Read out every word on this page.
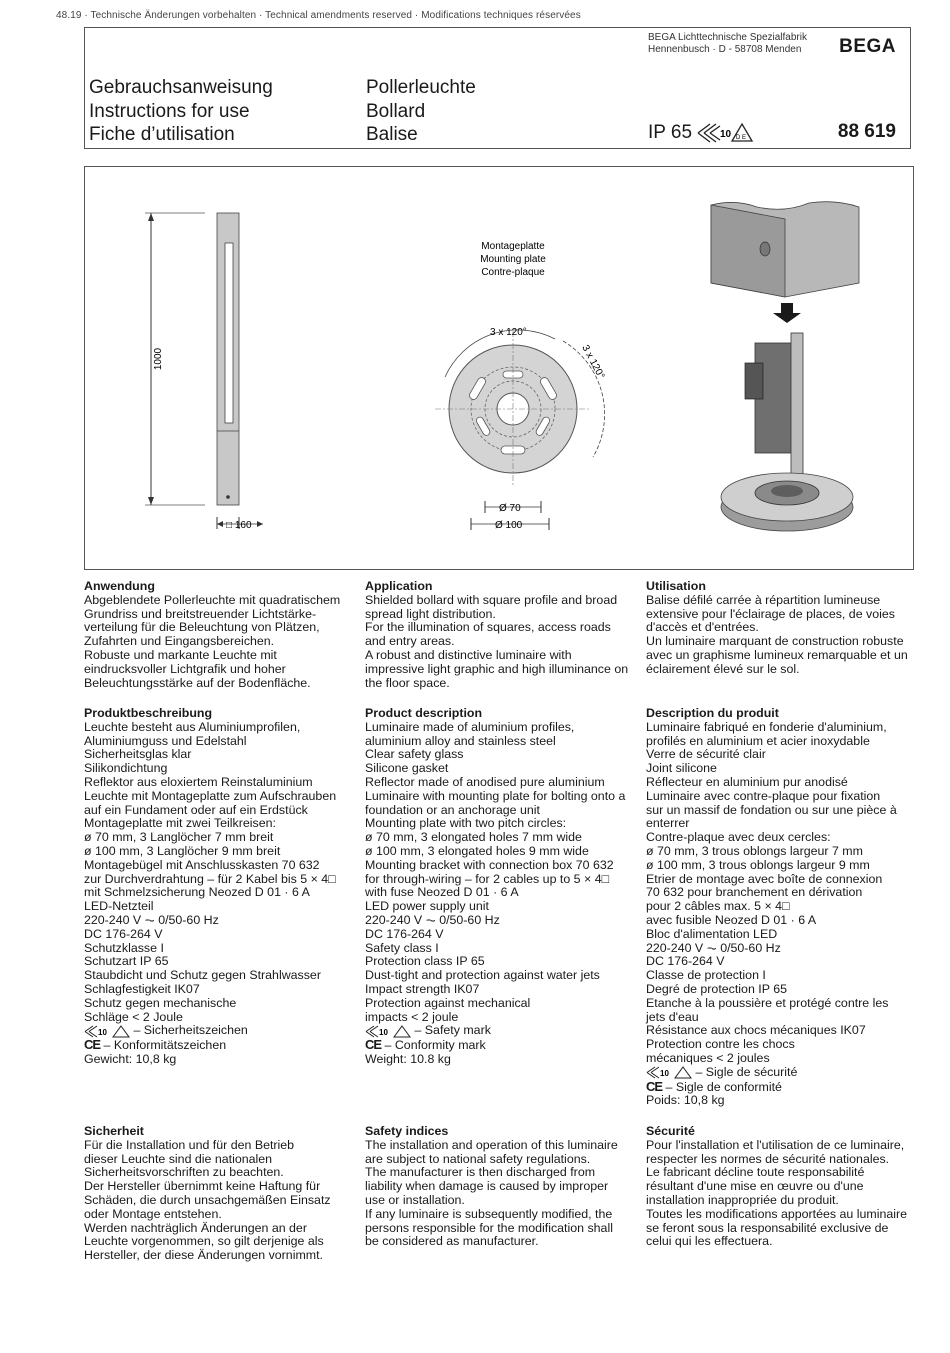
48.19 · Technische Änderungen vorbehalten · Technical amendments reserved · Modifications techniques réservées
BEGA Lichttechnische Spezialfabrik
Hennenbusch · D - 58708 Menden BEGA
Gebrauchsanweisung
Instructions for use
Fiche d’utilisation
Pollerleuchte
Bollard
Balise	IP 65	10 D E	88 619
1000
□ 160
Montageplatte
Mounting plate
Contre-plaque
3 x 120°
3 x 120°
Ø 70
Ø 100
Anwendung

Abgeblendete Pollerleuchte mit quadratischem
Grundriss und breitstreuender Lichtstärke-
verteilung für die Beleuchtung von Plätzen,
Zufahrten und Eingangsbereichen.
Robuste und markante Leuchte mit
eindrucksvoller Lichtgrafik und hoher
Beleuchtungsstärke auf der Bodenfläche.

Produktbeschreibung

Leuchte besteht aus Aluminiumprofilen,
Aluminiumguss und Edelstahl
Sicherheitsglas klar
Silikondichtung
Reflektor aus eloxiertem Reinstaluminium
Leuchte mit Montageplatte zum Aufschrauben
auf ein Fundament oder auf ein Erdstück
Montageplatte mit zwei Teilkreisen:
ø 70 mm, 3 Langlöcher 7 mm breit
ø 100 mm, 3 Langlöcher 9 mm breit
Montagebügel mit Anschlusskasten 70 632
zur Durchverdrahtung – für 2 Kabel bis 5 × 4□
mit Schmelzsicherung Neozed D 01 · 6 A
LED-Netzteil
220-240 V ⏦ 0/50-60 Hz
DC 176-264 V
Schutzklasse I
Schutzart IP 65
Staubdicht und Schutz gegen Strahlwasser
Schlagfestigkeit IK07
Schutz gegen mechanische
Schläge < 2 Joule

10 – Sicherheitszeichen
CE – Konformitätszeichen

Gewicht: 10,8 kg

Sicherheit

Für die Installation und für den Betrieb
dieser Leuchte sind die nationalen
Sicherheitsvorschriften zu beachten.
Der Hersteller übernimmt keine Haftung für
Schäden, die durch unsachgemäßen Einsatz
oder Montage entstehen.
Werden nachträglich Änderungen an der
Leuchte vorgenommen, so gilt derjenige als
Hersteller, der diese Änderungen vornimmt.

Application

Shielded bollard with square profile and broad
spread light distribution.
For the illumination of squares, access roads
and entry areas.
A robust and distinctive luminaire with
impressive light graphic and high illuminance on
the floor space.

Product description

Luminaire made of aluminium profiles,
aluminium alloy and stainless steel
Clear safety glass
Silicone gasket
Reflector made of anodised pure aluminium
Luminaire with mounting plate for bolting onto a
foundation or an anchorage unit
Mounting plate with two pitch circles:
ø 70 mm, 3 elongated holes 7 mm wide
ø 100 mm, 3 elongated holes 9 mm wide
Mounting bracket with connection box 70 632
for through-wiring – for 2 cables up to 5 × 4□
with fuse Neozed D 01 · 6 A
LED power supply unit
220-240 V ⏦ 0/50-60 Hz
DC 176-264 V
Safety class I
Protection class IP 65
Dust-tight and protection against water jets
Impact strength IK07
Protection against mechanical
impacts < 2 joule

10 – Safety mark
CE – Conformity mark

Weight: 10.8 kg

Safety indices

The installation and operation of this luminaire
are subject to national safety regulations.
The manufacturer is then discharged from
liability when damage is caused by improper
use or installation.
If any luminaire is subsequently modified, the
persons responsible for the modification shall
be considered as manufacturer.

Utilisation

Balise défilé carrée à répartition lumineuse
extensive pour l'éclairage de places, de voies
d'accès et d'entrées.
Un luminaire marquant de construction robuste
avec un graphisme lumineux remarquable et un
éclairement élevé sur le sol.

Description du produit

Luminaire fabriqué en fonderie d'aluminium,
profilés en aluminium et acier inoxydable
Verre de sécurité clair
Joint silicone
Réflecteur en aluminium pur anodisé
Luminaire avec contre-plaque pour fixation
sur un massif de fondation ou sur une pièce à
enterrer
Contre-plaque avec deux cercles:
ø 70 mm, 3 trous oblongs largeur 7 mm
ø 100 mm, 3 trous oblongs largeur 9 mm
Etrier de montage avec boîte de connexion
70 632 pour branchement en dérivation
pour 2 câbles max. 5 × 4□
avec fusible Neozed D 01 · 6 A
Bloc d'alimentation LED
220-240 V ⏦ 0/50-60 Hz
DC 176-264 V
Classe de protection I
Degré de protection IP 65
Etanche à la poussière et protégé contre les
jets d'eau
Résistance aux chocs mécaniques IK07
Protection contre les chocs
mécaniques < 2 joules

10 – Sigle de sécurité
CE – Sigle de conformité

Poids: 10,8 kg

Sécurité

Pour l'installation et l'utilisation de ce luminaire,
respecter les normes de sécurité nationales.
Le fabricant décline toute responsabilité
résultant d'une mise en œuvre ou d'une
installation inappropriée du produit.
Toutes les modifications apportées au luminaire
se feront sous la responsabilité exclusive de
celui qui les effectuera.
